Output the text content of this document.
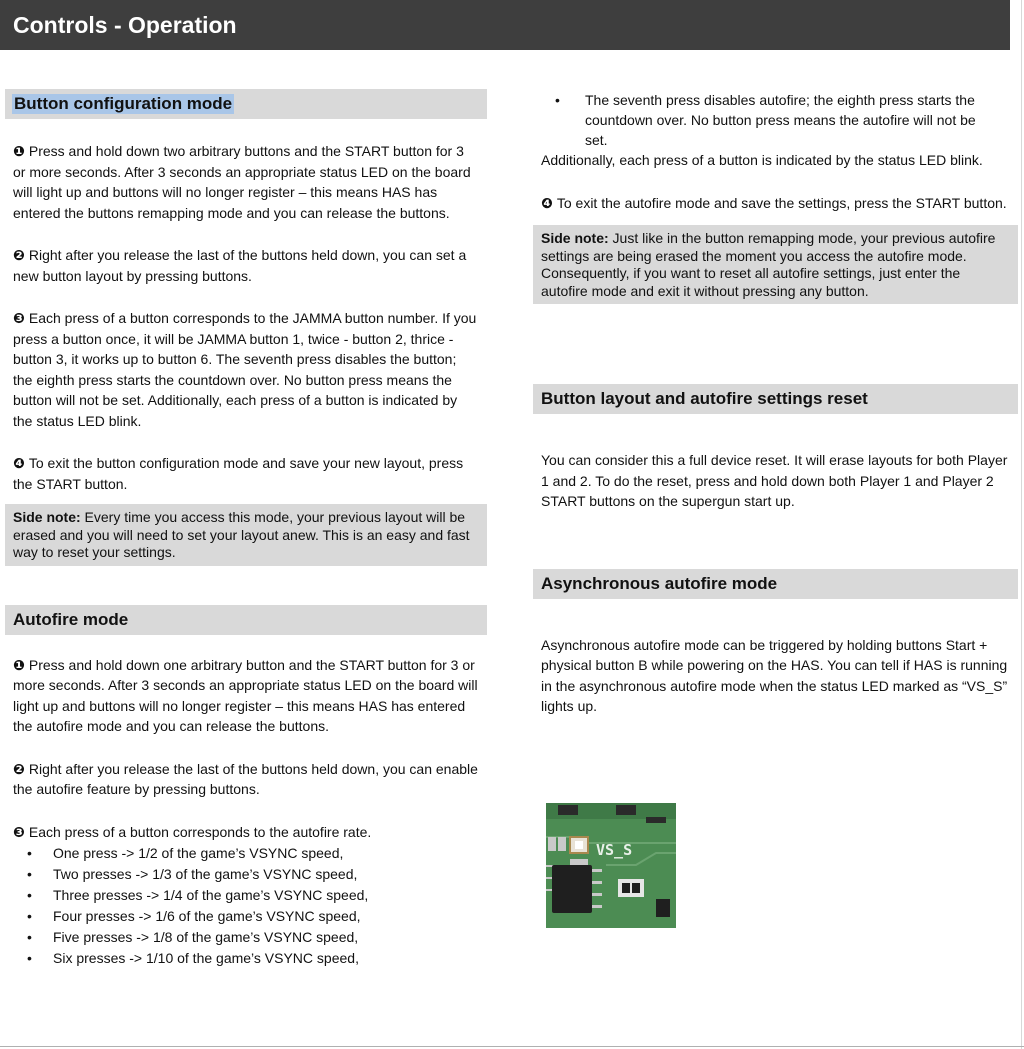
Controls - Operation
Button configuration mode

❶ Press and hold down two arbitrary buttons and the START button for 3 or more seconds. After 3 seconds an appropriate status LED on the board will light up and buttons will no longer register – this means HAS has entered the buttons remapping mode and you can release the buttons.

❷ Right after you release the last of the buttons held down, you can set a new button layout by pressing buttons.

❸ Each press of a button corresponds to the JAMMA button number. If you press a button once, it will be JAMMA button 1, twice - button 2, thrice - button 3, it works up to button 6. The seventh press disables the button; the eighth press starts the countdown over. No button press means the button will not be set. Additionally, each press of a button is indicated by the status LED blink.

❹ To exit the button configuration mode and save your new layout, press the START button.

Side note: Every time you access this mode, your previous layout will be erased and you will need to set your layout anew. This is an easy and fast way to reset your settings.
Autofire mode

❶ Press and hold down one arbitrary button and the START button for 3 or more seconds. After 3 seconds an appropriate status LED on the board will light up and buttons will no longer register – this means HAS has entered the autofire mode and you can release the buttons.

❷ Right after you release the last of the buttons held down, you can enable the autofire feature by pressing buttons.

❸ Each press of a button corresponds to the autofire rate.

• One press -> 1/2 of the game’s VSYNC speed,
• Two presses -> 1/3 of the game’s VSYNC speed,
• Three presses -> 1/4 of the game’s VSYNC speed,
• Four presses -> 1/6 of the game’s VSYNC speed,
• Five presses -> 1/8 of the game’s VSYNC speed,
• Six presses -> 1/10 of the game’s VSYNC speed,
• The seventh press disables autofire; the eighth press starts the countdown over. No button press means the autofire will not be set.

Additionally, each press of a button is indicated by the status LED blink.

❹ To exit the autofire mode and save the settings, press the START button.

Side note: Just like in the button remapping mode, your previous autofire settings are being erased the moment you access the autofire mode. Consequently, if you want to reset all autofire settings, just enter the autofire mode and exit it without pressing any button.
Button layout and autofire settings reset

You can consider this a full device reset. It will erase layouts for both Player 1 and 2. To do the reset, press and hold down both Player 1 and Player 2 START buttons on the supergun start up.

Asynchronous autofire mode

Asynchronous autofire mode can be triggered by holding buttons Start + physical button B while powering on the HAS. You can tell if HAS is running in the asynchronous autofire mode when the status LED marked as “VS_S” lights up.

VS_S
